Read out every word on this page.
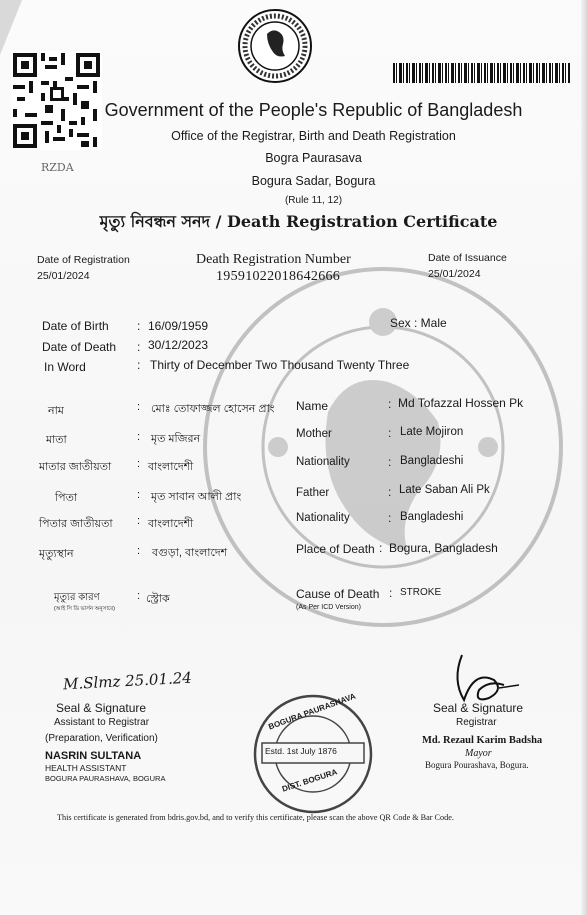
RZDA
Government of the People's Republic of Bangladesh
Office of the Registrar, Birth and Death Registration
Bogra Paurasava
Bogura Sadar, Bogura
(Rule 11, 12)
মৃত্যু নিবন্ধন সনদ / Death Registration Certificate
Date of Registration
25/01/2024
Death Registration Number
19591022018642666
Date of Issuance
25/01/2024
Date of Birth : 16/09/1959	Sex : Male
Date of Death : 30/12/2023
In Word	: Thirty of December Two Thousand Twenty Three
নাম	: মোঃ তোফাজ্জল হোসেন প্রাং
মাতা	: মৃত মজিরন
মাতার জাতীয়তা : বাংলাদেশী
পিতা	: মৃত সাবান আলী প্রাং
পিতার জাতীয়তা : বাংলাদেশী
মৃত্যুস্থান	: বগুড়া, বাংলাদেশ
মৃত্যুর কারণ
(আই সি ডি ভার্সন অনুসারে)
: স্ট্রোক
Name	: Md Tofazzal Hossen Pk
Mother	: Late Mojiron
Nationality	: Bangladeshi
Father	: Late Saban Ali Pk
Nationality	: Bangladeshi
Place of Death : Bogura, Bangladesh
Cause of Death
(As Per ICD Version)
: STROKE
M.Slmz 25.01.24
Seal & Signature
Assistant to Registrar
(Preparation, Verification)
NASRIN SULTANA
HEALTH ASSISTANT
BOGURA PAURASHAVA, BOGURA
BOGURA PAURASHAVA
Estd. 1st July 1876
DIST. BOGURA
Seal & Signature
Registrar
Md. Rezaul Karim Badsha
Mayor
Bogura Pourashava, Bogura.
This certificate is generated from bdris.gov.bd, and to verify this certificate, please scan the above QR Code & Bar Code.
